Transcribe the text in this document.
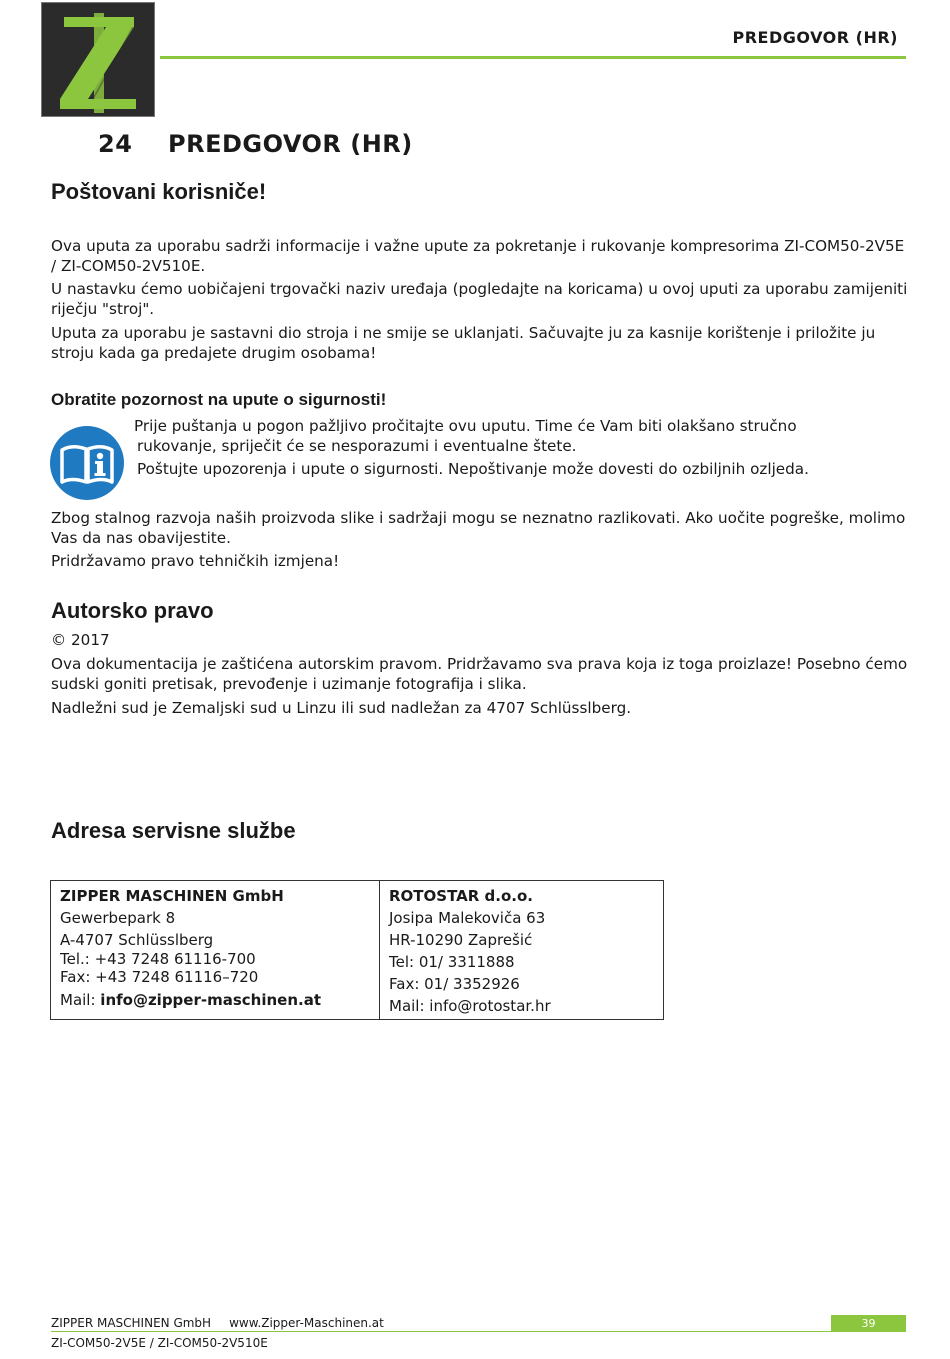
PREDGOVOR (HR)
24 PREDGOVOR (HR)
Poštovani korisniče!
Ova uputa za uporabu sadrži informacije i važne upute za pokretanje i rukovanje kompresorima ZI-COM50-2V5E / ZI-COM50-2V510E.
U nastavku ćemo uobičajeni trgovački naziv uređaja (pogledajte na koricama) u ovoj uputi za uporabu zamijeniti riječju "stroj".
Uputa za uporabu je sastavni dio stroja i ne smije se uklanjati. Sačuvajte ju za kasnije korištenje i priložite ju stroju kada ga predajete drugim osobama!
Obratite pozornost na upute o sigurnosti!
Prije puštanja u pogon pažljivo pročitajte ovu uputu. Time će Vam biti olakšano stručno
rukovanje, spriječit će se nesporazumi i eventualne štete.
Poštujte upozorenja i upute o sigurnosti. Nepoštivanje može dovesti do ozbiljnih ozljeda.
Zbog stalnog razvoja naših proizvoda slike i sadržaji mogu se neznatno razlikovati. Ako uočite pogreške, molimo Vas da nas obavijestite.
Pridržavamo pravo tehničkih izmjena!
Autorsko pravo
© 2017
Ova dokumentacija je zaštićena autorskim pravom. Pridržavamo sva prava koja iz toga proizlaze! Posebno ćemo sudski goniti pretisak, prevođenje i uzimanje fotografija i slika.
Nadležni sud je Zemaljski sud u Linzu ili sud nadležan za 4707 Schlüsslberg.
Adresa servisne službe
ZIPPER MASCHINEN GmbH
Gewerbepark 8
A-4707 Schlüsslberg
Tel.: +43 7248 61116-700
Fax: +43 7248 61116–720
Mail: info@zipper-maschinen.at
ROTOSTAR d.o.o.
Josipa Malekoviča 63
HR-10290 Zaprešić
Tel: 01/ 3311888
Fax: 01/ 3352926
Mail: info@rotostar.hr
ZIPPER MASCHINEN GmbH www.Zipper-Maschinen.at	39
ZI-COM50-2V5E / ZI-COM50-2V510E
